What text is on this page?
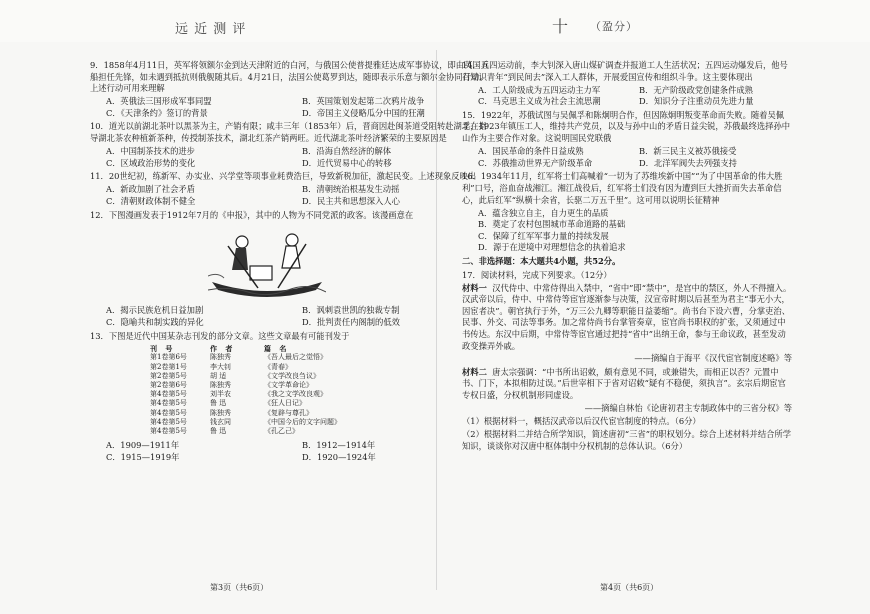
远 近 测 评	十 （盈分）

9．1858年4月11日，英军将领额尔金到达天津附近的白河，与俄国公使普提雅廷达成军事协议，即由英国兵船担任先锋，如未遇到抵抗则俄舰随其后。4月21日，法国公使葛罗到达，随即表示乐意与额尔金协同行动。上述行动可用来理解

A．英俄法三国形成军事同盟	B．英国策划发起第二次鸦片战争
C．《天津条约》签订的背景	D．帝国主义侵略瓜分中国的狂潮

10．道光以前湖北茶叶以黑茶为主，产销有限；咸丰三年（1853年）后，晋商因赴闽茶道受阻转赴湖北，指导湖北茶农种植新茶种，传授制茶技术，湖北红茶产销两旺。近代湖北茶叶经济繁荣的主要原因是

A．中国制茶技术的进步	B．沿海自然经济的解体
C．区域政治形势的变化	D．近代贸易中心的转移

11．20世纪初，练新军、办实业、兴学堂等项事业耗费浩巨，导致新税加征，激起民变。上述现象反映出

A．新政加剧了社会矛盾	B．清朝统治根基发生动摇
C．清朝财政体制不健全	D．民主共和思想深入人心

12．下图漫画发表于1912年7月的《申报》，其中的人物为不同党派的政客。该漫画意在

A．揭示民族危机日益加剧	B．讽刺袁世凯的独裁专制
C．隐喻共和制实践的异化	D．批判责任内阁制的低效

13．下图是近代中国某杂志刊发的部分文章。这些文章最有可能刊发于

刊 号	作 者	篇 名
第1卷第6号	陈独秀	《吾人最后之觉悟》
第2卷第1号	李大钊	《青春》
第2卷第5号	胡 适	《文学改良刍议》
第2卷第6号	陈独秀	《文学革命论》
第4卷第5号	刘半农	《我之文学改良观》
第4卷第5号	鲁 迅	《狂人日记》
第4卷第5号	陈独秀	《复辟与尊孔》
第4卷第5号	钱玄同	《中国今后的文字问题》
第4卷第5号	鲁 迅	《孔乙己》
A．1909—1911年	B．1912—1914年
C．1915—1919年	D．1920—1924年
第3页（共6页）

14．五四运动前，李大钊深入唐山煤矿调查并报道工人生活状况；五四运动爆发后，他号召知识青年“到民间去”深入工人群体，开展爱国宣传和组织斗争。这主要体现出

A．工人阶级成为五四运动主力军	B．无产阶级政党创建条件成熟
C．马克思主义成为社会主流思潮	D．知识分子注重动员先进力量

15．1922年，苏俄试图与吴佩孚和陈炯明合作，但因陈炯明叛变革命而失败。随着吴佩孚在1923年镇压工人，维持共产党员，以及与孙中山的矛盾日益尖锐，苏俄最终选择孙中山作为主要合作对象。这说明国民党联俄

A．国民革命的条件日益成熟	B．新三民主义被苏俄接受
C．苏俄推动世界无产阶级革命	D．北洋军阀失去列强支持

16．1934年11月，红军将士们高喊着“一切为了苏维埃新中国”“为了中国革命的伟大胜利”口号，浴血奋战湘江。湘江战役后，红军将士们没有因为遭到巨大挫折而失去革命信心，此后红军“纵横十余省，长驱二万五千里”。这可用以说明长征精神

A．蕴含独立自主，自力更生的品质
B．奠定了农村包围城市革命道路的基础
C．保障了红军军事力量的持续发展
D．源于在逆境中对理想信念的执着追求

二、非选择题：本大题共4小题，共52分。

17．阅读材料，完成下列要求。（12分）

材料一 汉代侍中、中常侍得出入禁中，“省中”即“禁中”，是宫中的禁区，外人不得擅入。汉武帝以后，侍中、中常侍等宦官逐渐参与决策，汉宣帝时期以后甚至为君主“事无小大，因宦者决”。朝官执行于外，“万三公九卿等职能日益萎缩”。尚书台下设六曹，分掌吏治、民事、外交、司法等事务。加之常侍尚书台掌管奏章，宦官尚书职权的扩张，又须通过中书传达。东汉中后期，中常侍等宦官通过把持“省中”出纳王命，参与王命议政，甚至发动政变操弄外戚。

——摘编自于海平《汉代宦官制度述略》等

材料二 唐太宗强调：“中书所出诏敕，颇有意见不同，或兼错失，而相正以否？元置中书、门下，本拟相防过误。”后世宰相下于省对诏敕“疑有不稳便，须执言”。玄宗后期宦官专权日盛，分权机制形同虚设。

——摘编自林怡《论唐初君主专制政体中的三省分权》等

（1）根据材料一，概括汉武帝以后汉代宦官制度的特点。（6分）

（2）根据材料二并结合所学知识，简述唐初“三省”的职权划分。综合上述材料并结合所学知识，谈谈你对汉唐中枢体制中分权机制的总体认识。（6分）

第4页（共6页）
